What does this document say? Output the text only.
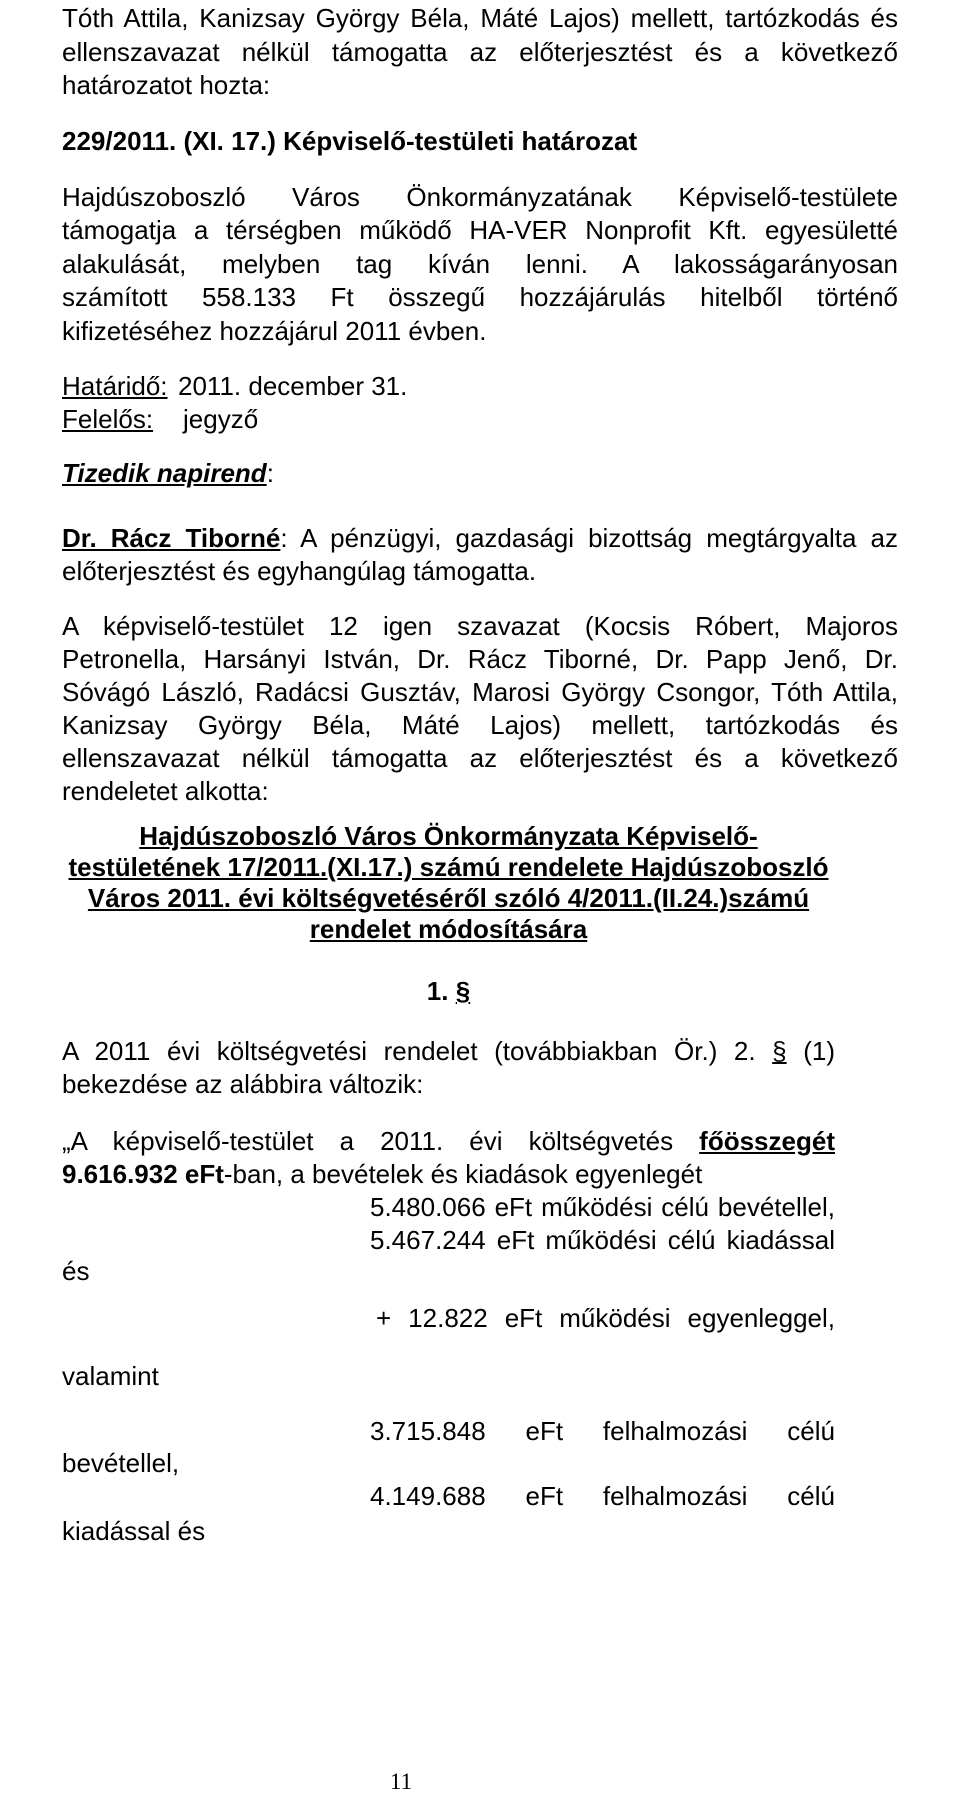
Tóth Attila, Kanizsay György Béla, Máté Lajos) mellett, tartózkodás és
ellenszavazat nélkül támogatta az előterjesztést és a következő
határozatot hozta:
229/2011. (XI. 17.) Képviselő-testületi határozat
Hajdúszoboszló Város Önkormányzatának Képviselő-testülete
támogatja a térségben működő HA-VER Nonprofit Kft. egyesületté
alakulását, melyben tag kíván lenni. A lakosságarányosan
számított 558.133 Ft összegű hozzájárulás hitelből történő
kifizetéséhez hozzájárul 2011 évben.
Határidő: 2011. december 31.
Felelős: jegyző
Tizedik napirend:
Dr. Rácz Tiborné: A pénzügyi, gazdasági bizottság megtárgyalta az
előterjesztést és egyhangúlag támogatta.
A képviselő-testület 12 igen szavazat (Kocsis Róbert, Majoros
Petronella, Harsányi István, Dr. Rácz Tiborné, Dr. Papp Jenő, Dr.
Sóvágó László, Radácsi Gusztáv, Marosi György Csongor, Tóth Attila,
Kanizsay György Béla, Máté Lajos) mellett, tartózkodás és
ellenszavazat nélkül támogatta az előterjesztést és a következő
rendeletet alkotta:
Hajdúszoboszló Város Önkormányzata Képviselő-
testületének 17/2011.(XI.17.) számú rendelete Hajdúszoboszló
Város 2011. évi költségvetéséről szóló 4/2011.(II.24.)számú
rendelet módosítására
1. §
A 2011 évi költségvetési rendelet (továbbiakban Ör.) 2. § (1)
bekezdése az alábbira változik:
„A képviselő-testület a 2011. évi költségvetés főösszegét
9.616.932 eFt-ban, a bevételek és kiadások egyenlegét
5.480.066 eFt működési célú bevétellel,
5.467.244 eFt működési célú kiadással
és
+ 12.822 eFt működési egyenleggel,
valamint
3.715.848 eFt felhalmozási célú
bevétellel,
4.149.688 eFt felhalmozási célú
kiadással és
11
